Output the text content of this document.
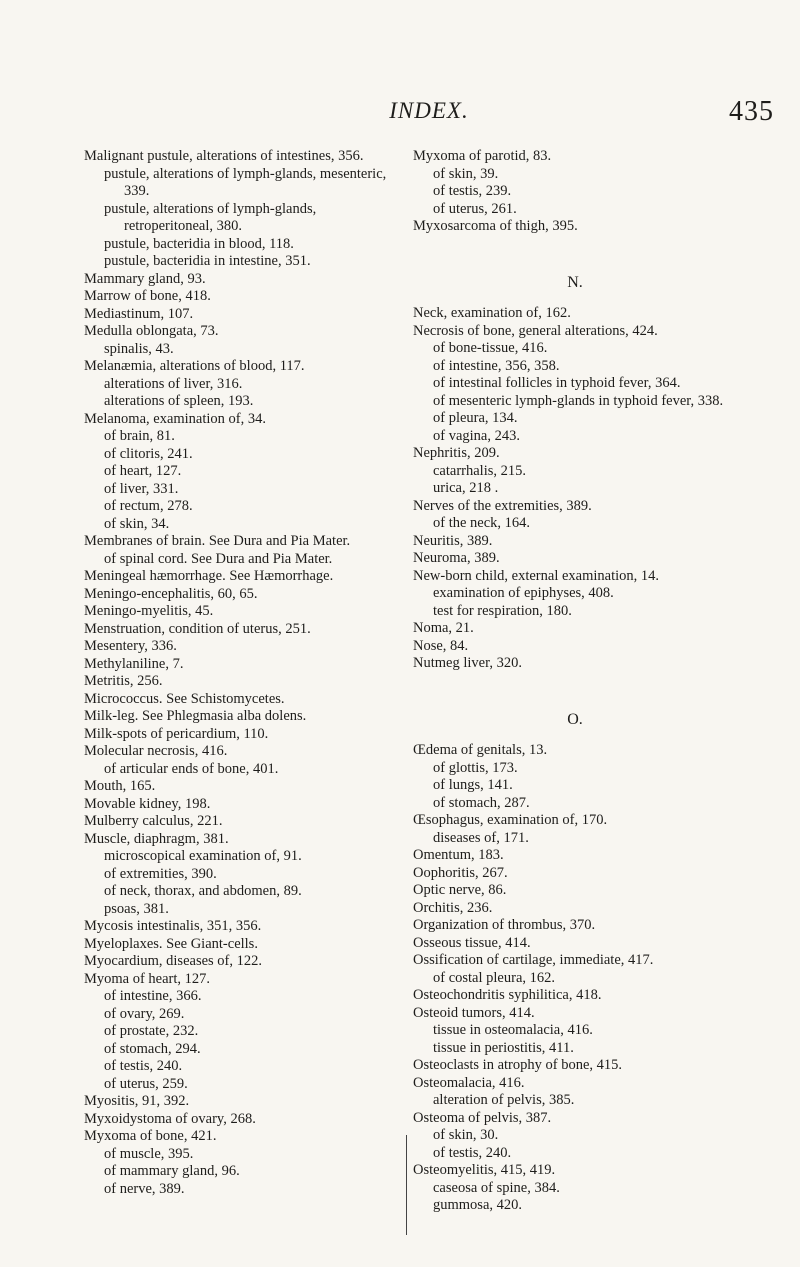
INDEX.	435

Malignant pustule, alterations of intestines, 356.

pustule, alterations of lymph-glands, mesenteric, 339.

pustule, alterations of lymph-glands, retroperitoneal, 380.

pustule, bacteridia in blood, 118.

pustule, bacteridia in intestine, 351.

Mammary gland, 93.

Marrow of bone, 418.

Mediastinum, 107.

Medulla oblongata, 73.

spinalis, 43.

Melanæmia, alterations of blood, 117.

alterations of liver, 316.

alterations of spleen, 193.

Melanoma, examination of, 34.

of brain, 81.

of clitoris, 241.

of heart, 127.

of liver, 331.

of rectum, 278.

of skin, 34.

Membranes of brain. See Dura and Pia Mater.

of spinal cord. See Dura and Pia Mater.

Meningeal hæmorrhage. See Hæmorrhage.

Meningo-encephalitis, 60, 65.

Meningo-myelitis, 45.

Menstruation, condition of uterus, 251.

Mesentery, 336.

Methylaniline, 7.

Metritis, 256.

Micrococcus. See Schistomycetes.

Milk-leg. See Phlegmasia alba dolens.

Milk-spots of pericardium, 110.

Molecular necrosis, 416.

of articular ends of bone, 401.

Mouth, 165.

Movable kidney, 198.

Mulberry calculus, 221.

Muscle, diaphragm, 381.

microscopical examination of, 91.

of extremities, 390.

of neck, thorax, and abdomen, 89.

psoas, 381.

Mycosis intestinalis, 351, 356.

Myeloplaxes. See Giant-cells.

Myocardium, diseases of, 122.

Myoma of heart, 127.

of intestine, 366.

of ovary, 269.

of prostate, 232.

of stomach, 294.

of testis, 240.

of uterus, 259.

Myositis, 91, 392.

Myxoidystoma of ovary, 268.

Myxoma of bone, 421.

of muscle, 395.

of mammary gland, 96.

of nerve, 389.

Myxoma of parotid, 83.

of skin, 39.

of testis, 239.

of uterus, 261.

Myxosarcoma of thigh, 395.

N.

Neck, examination of, 162.

Necrosis of bone, general alterations, 424.

of bone-tissue, 416.

of intestine, 356, 358.

of intestinal follicles in typhoid fever, 364.

of mesenteric lymph-glands in typhoid fever, 338.

of pleura, 134.

of vagina, 243.

Nephritis, 209.

catarrhalis, 215.

urica, 218 .

Nerves of the extremities, 389.

of the neck, 164.

Neuritis, 389.

Neuroma, 389.

New-born child, external examination, 14.

examination of epiphyses, 408.

test for respiration, 180.

Noma, 21.

Nose, 84.

Nutmeg liver, 320.

O.

Œdema of genitals, 13.

of glottis, 173.

of lungs, 141.

of stomach, 287.

Œsophagus, examination of, 170.

diseases of, 171.

Omentum, 183.

Oophoritis, 267.

Optic nerve, 86.

Orchitis, 236.

Organization of thrombus, 370.

Osseous tissue, 414.

Ossification of cartilage, immediate, 417.

of costal pleura, 162.

Osteochondritis syphilitica, 418.

Osteoid tumors, 414.

tissue in osteomalacia, 416.

tissue in periostitis, 411.

Osteoclasts in atrophy of bone, 415.

Osteomalacia, 416.

alteration of pelvis, 385.

Osteoma of pelvis, 387.

of skin, 30.

of testis, 240.

Osteomyelitis, 415, 419.

caseosa of spine, 384.

gummosa, 420.
